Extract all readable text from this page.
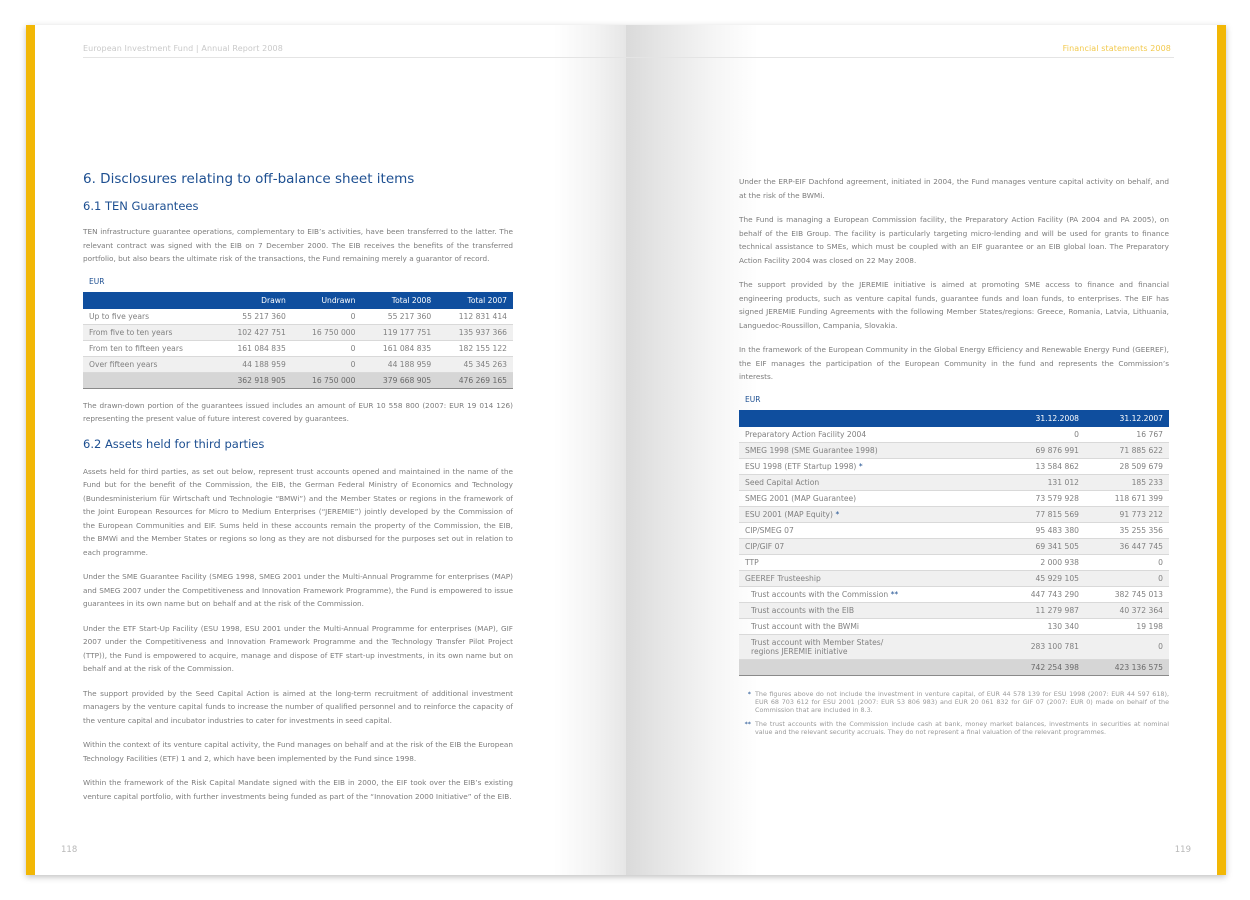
European Investment Fund | Annual Report 2008
6. Disclosures relating to off-balance sheet items
6.1 TEN Guarantees

TEN infrastructure guarantee operations, complementary to EIB’s activities, have been transferred to the latter. The relevant contract was signed with the EIB on 7 December 2000. The EIB receives the benefits of the transferred portfolio, but also bears the ultimate risk of the transactions, the Fund remaining merely a guarantor of record.

EUR
	Drawn	Undrawn	Total 2008	Total 2007
Up to five years	55 217 360	0	55 217 360	112 831 414
From five to ten years	102 427 751	16 750 000	119 177 751	135 937 366
From ten to fifteen years	161 084 835	0	161 084 835	182 155 122
Over fifteen years	44 188 959	0	44 188 959	45 345 263
	362 918 905	16 750 000	379 668 905	476 269 165

The drawn-down portion of the guarantees issued includes an amount of EUR 10 558 800 (2007: EUR 19 014 126) representing the present value of future interest covered by guarantees.

6.2 Assets held for third parties

Assets held for third parties, as set out below, represent trust accounts opened and maintained in the name of the Fund but for the benefit of the Commission, the EIB, the German Federal Ministry of Economics and Technology (Bundesministerium für Wirtschaft und Technologie “BMWi”) and the Member States or regions in the framework of the Joint European Resources for Micro to Medium Enterprises (“JEREMIE”) jointly developed by the Commission of the European Communities and EIF. Sums held in these accounts remain the property of the Commission, the EIB, the BMWi and the Member States or regions so long as they are not disbursed for the purposes set out in relation to each programme.

Under the SME Guarantee Facility (SMEG 1998, SMEG 2001 under the Multi-Annual Programme for enterprises (MAP) and SMEG 2007 under the Competitiveness and Innovation Framework Programme), the Fund is empowered to issue guarantees in its own name but on behalf and at the risk of the Commission.

Under the ETF Start-Up Facility (ESU 1998, ESU 2001 under the Multi-Annual Programme for enterprises (MAP), GIF 2007 under the Competitiveness and Innovation Framework Programme and the Technology Transfer Pilot Project (TTP)), the Fund is empowered to acquire, manage and dispose of ETF start-up investments, in its own name but on behalf and at the risk of the Commission.

The support provided by the Seed Capital Action is aimed at the long-term recruitment of additional investment managers by the venture capital funds to increase the number of qualified personnel and to reinforce the capacity of the venture capital and incubator industries to cater for investments in seed capital.

Within the context of its venture capital activity, the Fund manages on behalf and at the risk of the EIB the European Technology Facilities (ETF) 1 and 2, which have been implemented by the Fund since 1998.

Within the framework of the Risk Capital Mandate signed with the EIB in 2000, the EIF took over the EIB’s existing venture capital portfolio, with further investments being funded as part of the “Innovation 2000 Initiative” of the EIB.

118
Financial statements 2008

Under the ERP-EIF Dachfond agreement, initiated in 2004, the Fund manages venture capital activity on behalf, and at the risk of the BWMi.

The Fund is managing a European Commission facility, the Preparatory Action Facility (PA 2004 and PA 2005), on behalf of the EIB Group. The facility is particularly targeting micro-lending and will be used for grants to finance technical assistance to SMEs, which must be coupled with an EIF guarantee or an EIB global loan. The Preparatory Action Facility 2004 was closed on 22 May 2008.

The support provided by the JEREMIE initiative is aimed at promoting SME access to finance and financial engineering products, such as venture capital funds, guarantee funds and loan funds, to enterprises. The EIF has signed JEREMIE Funding Agreements with the following Member States/regions: Greece, Romania, Latvia, Lithuania, Languedoc-Roussillon, Campania, Slovakia.

In the framework of the European Community in the Global Energy Efficiency and Renewable Energy Fund (GEEREF), the EIF manages the participation of the European Community in the fund and represents the Commission’s interests.

EUR
	31.12.2008	31.12.2007
Preparatory Action Facility 2004	0	16 767
SMEG 1998 (SME Guarantee 1998)	69 876 991	71 885 622
ESU 1998 (ETF Startup 1998) *	13 584 862	28 509 679
Seed Capital Action	131 012	185 233
SMEG 2001 (MAP Guarantee)	73 579 928	118 671 399
ESU 2001 (MAP Equity) *	77 815 569	91 773 212
CIP/SMEG 07	95 483 380	35 255 356
CIP/GIF 07	69 341 505	36 447 745
TTP	2 000 938	0
GEEREF Trusteeship	45 929 105	0
Trust accounts with the Commission **	447 743 290	382 745 013
Trust accounts with the EIB	11 279 987	40 372 364
Trust account with the BWMi	130 340	19 198
Trust account with Member States/ regions JEREMIE initiative	283 100 781	0
	742 254 398	423 136 575
* The figures above do not include the investment in venture capital, of EUR 44 578 139 for ESU 1998 (2007: EUR 44 597 618), EUR 68 703 612 for ESU 2001 (2007: EUR 53 806 983) and EUR 20 061 832 for GIF 07 (2007: EUR 0) made on behalf of the Commission that are included in 8.3.
** The trust accounts with the Commission include cash at bank, money market balances, investments in securities at nominal value and the relevant security accruals. They do not represent a final valuation of the relevant programmes.
119
